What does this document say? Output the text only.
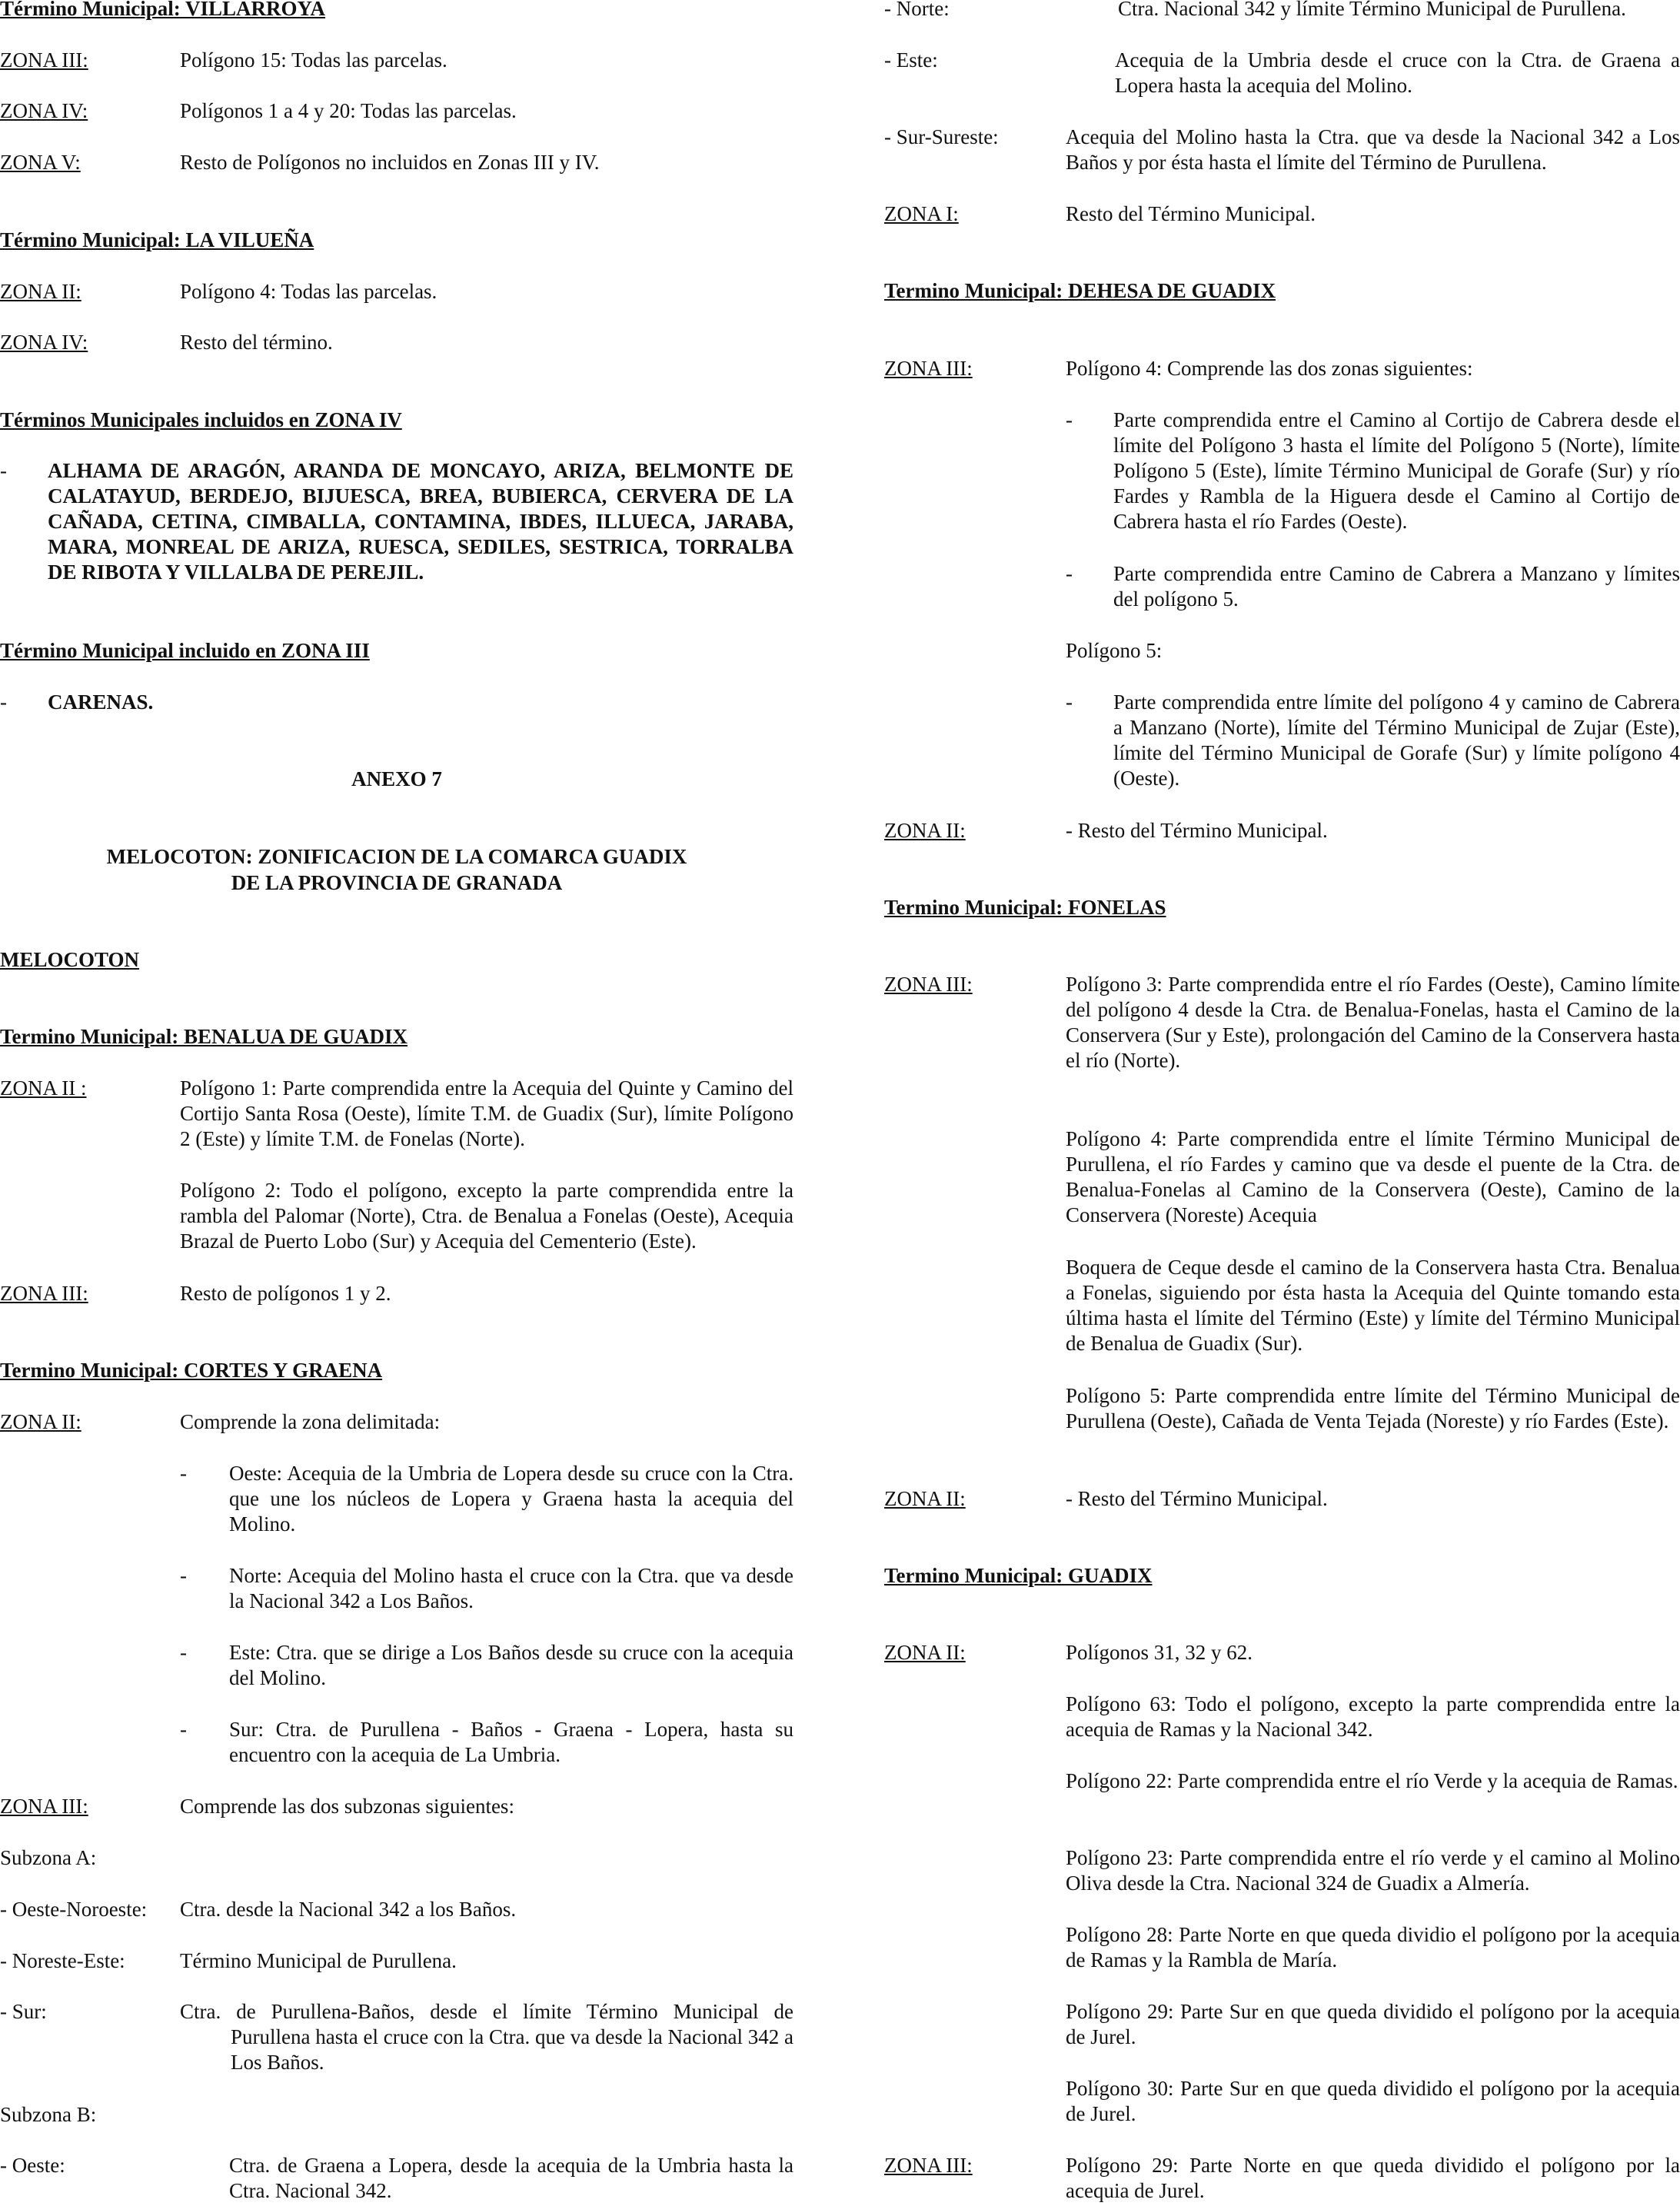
Término Municipal: VILLARROYA
ZONA III:	Polígono 15: Todas las parcelas.
ZONA IV:	Polígonos 1 a 4 y 20: Todas las parcelas.
ZONA V:	Resto de Polígonos no incluidos en Zonas III y IV.
Término Municipal: LA VILUEÑA
ZONA II:	Polígono 4: Todas las parcelas.
ZONA IV:	Resto del término.
Términos Municipales incluidos en ZONA IV
- ALHAMA DE ARAGÓN, ARANDA DE MONCAYO, ARIZA, BELMONTE DE CALATAYUD, BERDEJO, BIJUESCA, BREA, BUBIERCA, CERVERA DE LA CAÑADA, CETINA, CIMBALLA, CONTAMINA, IBDES, ILLUECA, JARABA, MARA, MONREAL DE ARIZA, RUESCA, SEDILES, SESTRICA, TORRALBA DE RIBOTA Y VILLALBA DE PEREJIL.
Término Municipal incluido en ZONA III
- CARENAS.
ANEXO 7
MELOCOTON: ZONIFICACION DE LA COMARCA GUADIX
DE LA PROVINCIA DE GRANADA
MELOCOTON
Termino Municipal: BENALUA DE GUADIX
ZONA II :	Polígono 1: Parte comprendida entre la Acequia del Quinte y Camino del Cortijo Santa Rosa (Oeste), límite T.M. de Guadix (Sur), límite Polígono 2 (Este) y límite T.M. de Fonelas (Norte).
Polígono 2: Todo el polígono, excepto la parte comprendida entre la rambla del Palomar (Norte), Ctra. de Benalua a Fonelas (Oeste), Acequia Brazal de Puerto Lobo (Sur) y Acequia del Cementerio (Este).
ZONA III:	Resto de polígonos 1 y 2.
Termino Municipal: CORTES Y GRAENA
ZONA II:	Comprende la zona delimitada:
- Oeste: Acequia de la Umbria de Lopera desde su cruce con la Ctra. que une los núcleos de Lopera y Graena hasta la acequia del Molino.
- Norte: Acequia del Molino hasta el cruce con la Ctra. que va desde la Nacional 342 a Los Baños.
- Este: Ctra. que se dirige a Los Baños desde su cruce con la acequia del Molino.
- Sur: Ctra. de Purullena - Baños - Graena - Lopera, hasta su encuentro con la acequia de La Umbria.
ZONA III:	Comprende las dos subzonas siguientes:
Subzona A:
- Oeste-Noroeste: Ctra. desde la Nacional 342 a los Baños.
- Noreste-Este:	Término Municipal de Purullena.
- Sur:	Ctra. de Purullena-Baños, desde el límite Término Municipal de Purullena hasta el cruce con la Ctra. que va desde la Nacional 342 a Los Baños.
Subzona B:
- Oeste:	Ctra. de Graena a Lopera, desde la acequia de la Umbria hasta la Ctra. Nacional 342.
- Norte:	Ctra. Nacional 342 y límite Término Municipal de Purullena.
- Este:	Acequia de la Umbria desde el cruce con la Ctra. de Graena a Lopera hasta la acequia del Molino.
- Sur-Sureste:	Acequia del Molino hasta la Ctra. que va desde la Nacional 342 a Los Baños y por ésta hasta el límite del Término de Purullena.
ZONA I:	Resto del Término Municipal.
Termino Municipal: DEHESA DE GUADIX
ZONA III:	Polígono 4: Comprende las dos zonas siguientes:
- Parte comprendida entre el Camino al Cortijo de Cabrera desde el límite del Polígono 3 hasta el límite del Polígono 5 (Norte), límite Polígono 5 (Este), límite Término Municipal de Gorafe (Sur) y río Fardes y Rambla de la Higuera desde el Camino al Cortijo de Cabrera hasta el río Fardes (Oeste).
- Parte comprendida entre Camino de Cabrera a Manzano y límites del polígono 5.
Polígono 5:
- Parte comprendida entre límite del polígono 4 y camino de Cabrera a Manzano (Norte), límite del Término Municipal de Zujar (Este), límite del Término Municipal de Gorafe (Sur) y límite polígono 4 (Oeste).
ZONA II:	- Resto del Término Municipal.
Termino Municipal: FONELAS
ZONA III:	Polígono 3: Parte comprendida entre el río Fardes (Oeste), Camino límite del polígono 4 desde la Ctra. de Benalua-Fonelas, hasta el Camino de la Conservera (Sur y Este), prolongación del Camino de la Conservera hasta el río (Norte).
Polígono 4: Parte comprendida entre el límite Término Municipal de Purullena, el río Fardes y camino que va desde el puente de la Ctra. de Benalua-Fonelas al Camino de la Conservera (Oeste), Camino de la Conservera (Noreste) Acequia
Boquera de Ceque desde el camino de la Conservera hasta Ctra. Benalua a Fonelas, siguiendo por ésta hasta la Acequia del Quinte tomando esta última hasta el límite del Término (Este) y límite del Término Municipal de Benalua de Guadix (Sur).
Polígono 5: Parte comprendida entre límite del Término Municipal de Purullena (Oeste), Cañada de Venta Tejada (Noreste) y río Fardes (Este).
ZONA II:	- Resto del Término Municipal.
Termino Municipal: GUADIX
ZONA II:	Polígonos 31, 32 y 62.
Polígono 63: Todo el polígono, excepto la parte comprendida entre la acequia de Ramas y la Nacional 342.
Polígono 22: Parte comprendida entre el río Verde y la acequia de Ramas.
Polígono 23: Parte comprendida entre el río verde y el camino al Molino Oliva desde la Ctra. Nacional 324 de Guadix a Almería.
Polígono 28: Parte Norte en que queda dividio el polígono por la acequia de Ramas y la Rambla de María.
Polígono 29: Parte Sur en que queda dividido el polígono por la acequia de Jurel.
Polígono 30: Parte Sur en que queda dividido el polígono por la acequia de Jurel.
ZONA III:	Polígono 29: Parte Norte en que queda dividido el polígono por la acequia de Jurel.
